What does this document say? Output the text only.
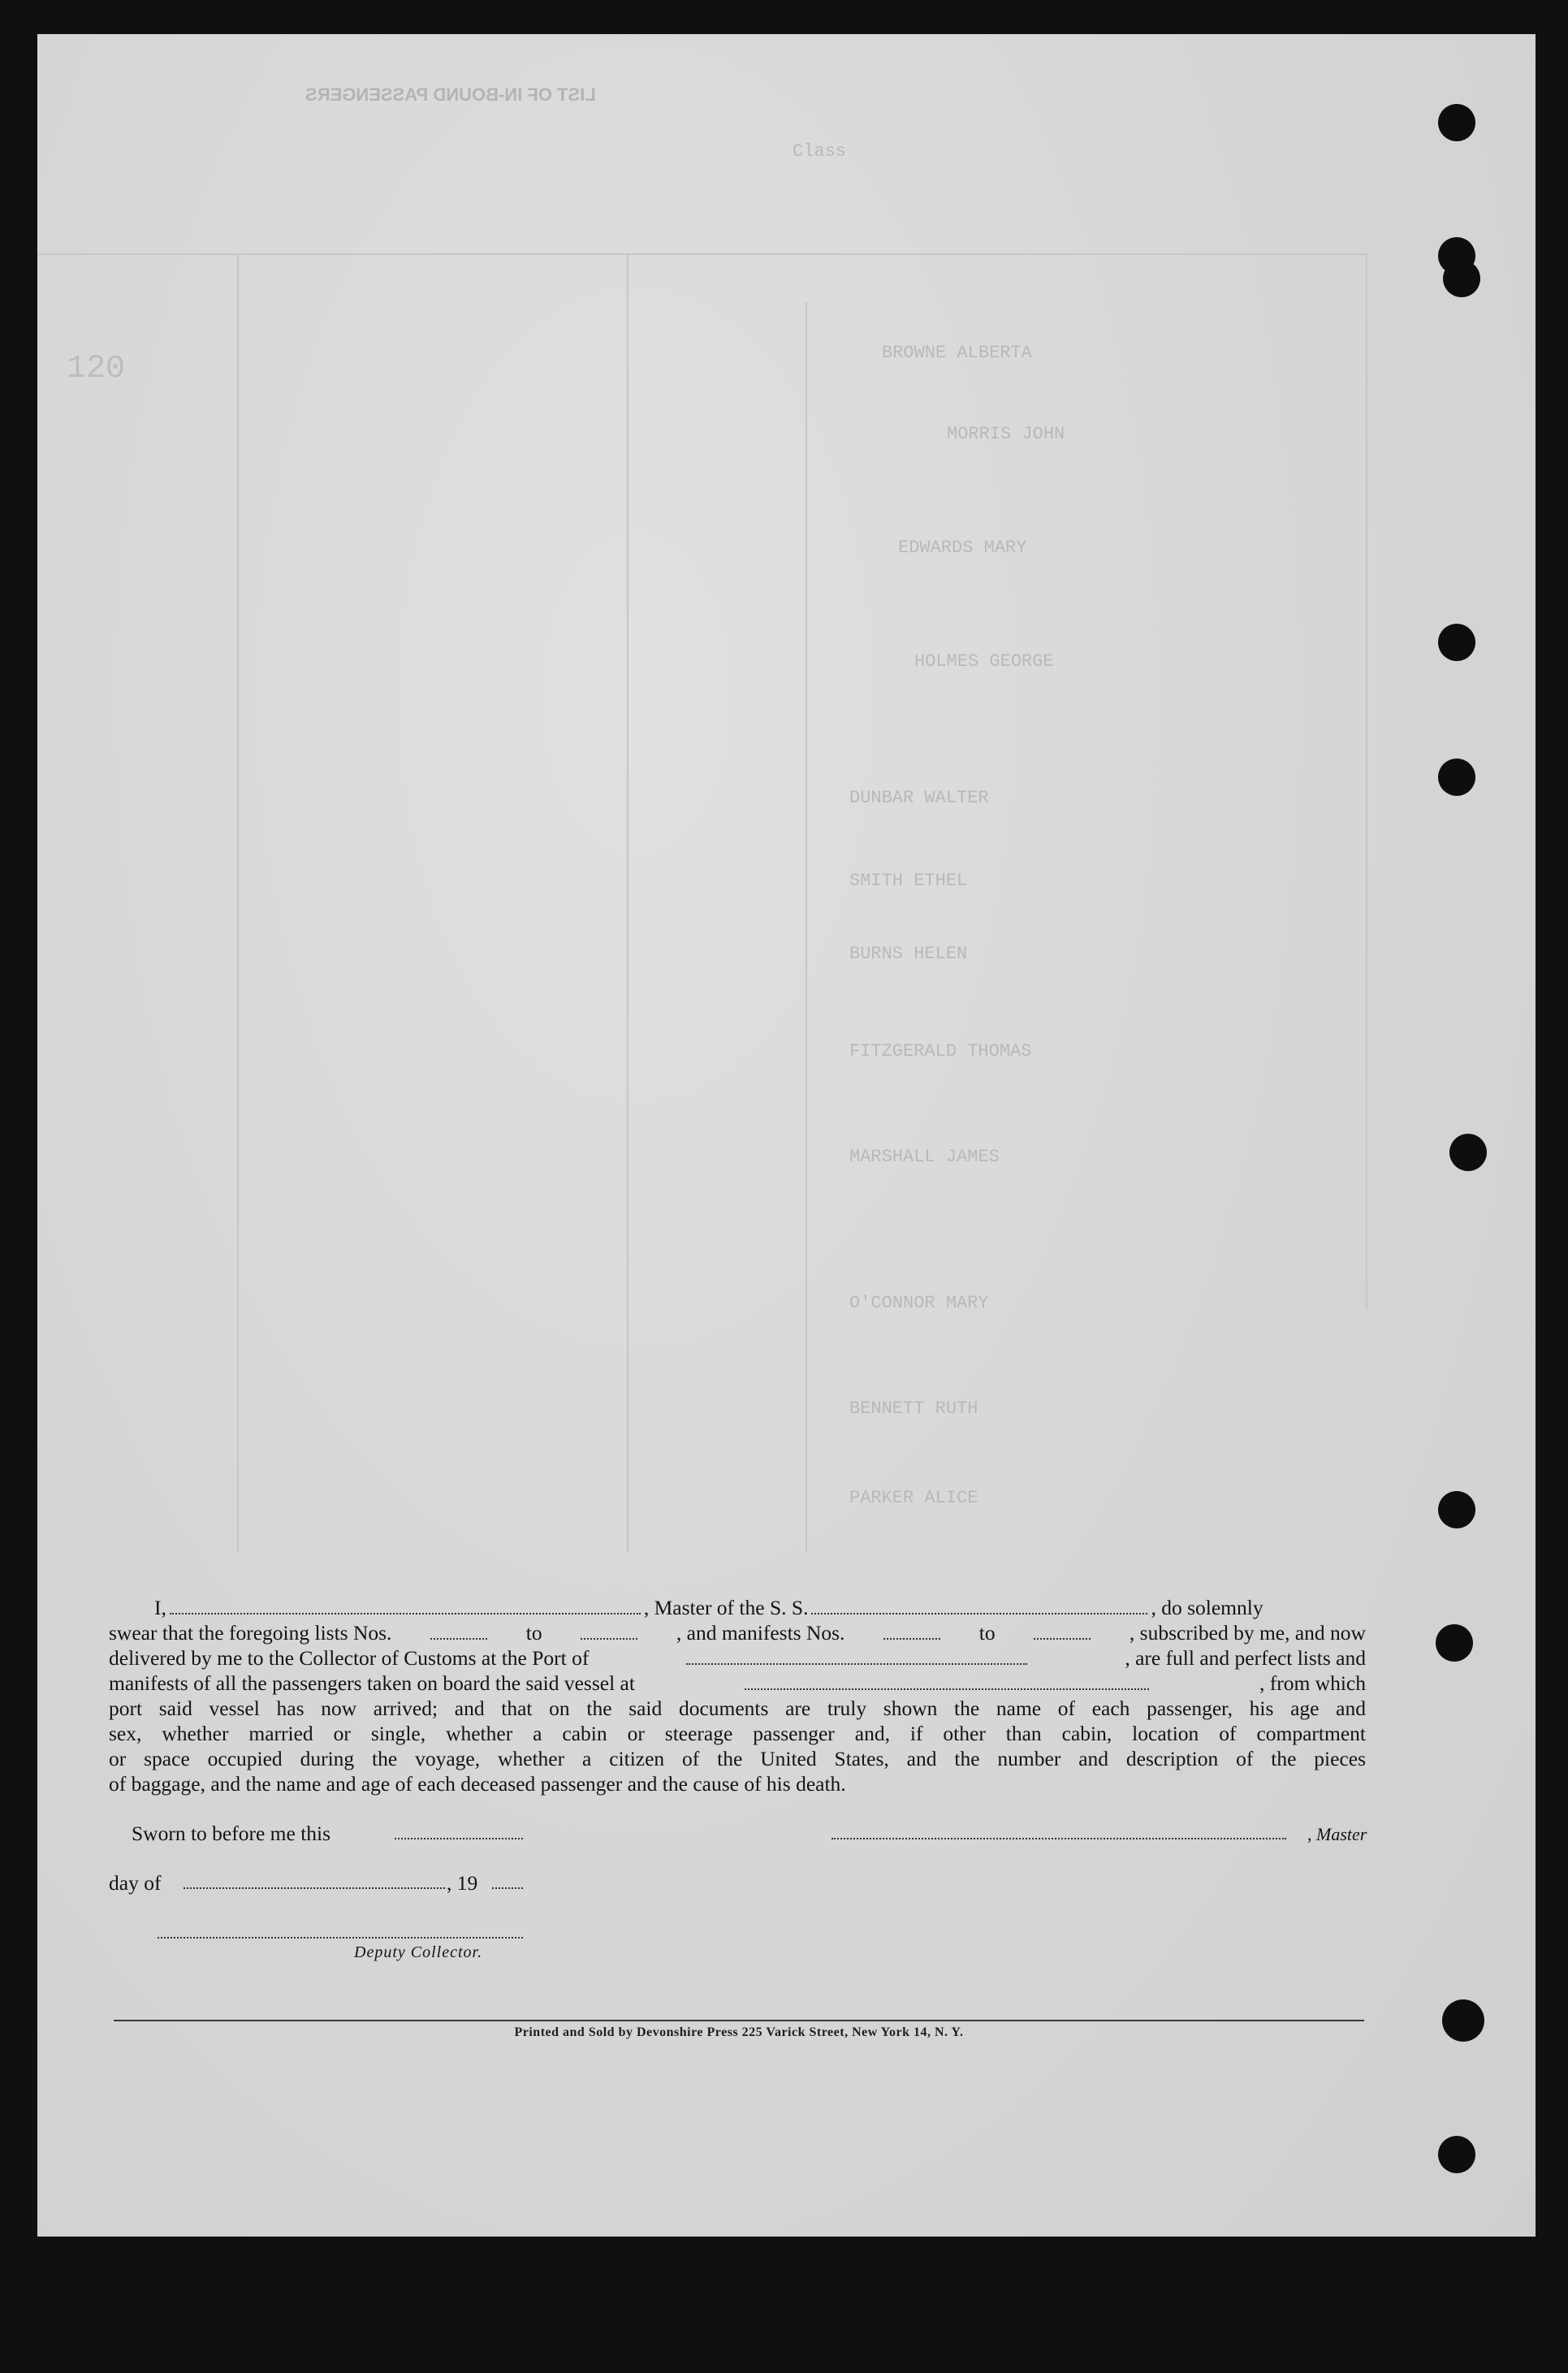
LIST OF IN-BOUND PASSENGERS
Class
120	BROWNE ALBERTA
MORRIS JOHN
EDWARDS MARY
HOLMES GEORGE
DUNBAR WALTER
SMITH ETHEL
BURNS HELEN
FITZGERALD THOMAS
MARSHALL JAMES
O'CONNOR MARY
BENNETT RUTH
PARKER ALICE
I,	, Master of the S. S.	, do solemnly
swear that the foregoing lists Nos.	to	, and manifests Nos.	to	, subscribed by me, and now
delivered by me to the Collector of Customs at the Port of	, are full and perfect lists and
manifests of all the passengers taken on board the said vessel at	, from which
port said vessel has now arrived; and that on the said documents are truly shown the name of each passenger, his age and
sex, whether married or single, whether a cabin or steerage passenger and, if other than cabin, location of compartment
or space occupied during the voyage, whether a citizen of the United States, and the number and description of the pieces
of baggage, and the name and age of each deceased passenger and the cause of his death.
Sworn to before me this	, Master
day of	, 19
Deputy Collector.
Printed and Sold by Devonshire Press 225 Varick Street, New York 14, N. Y.
